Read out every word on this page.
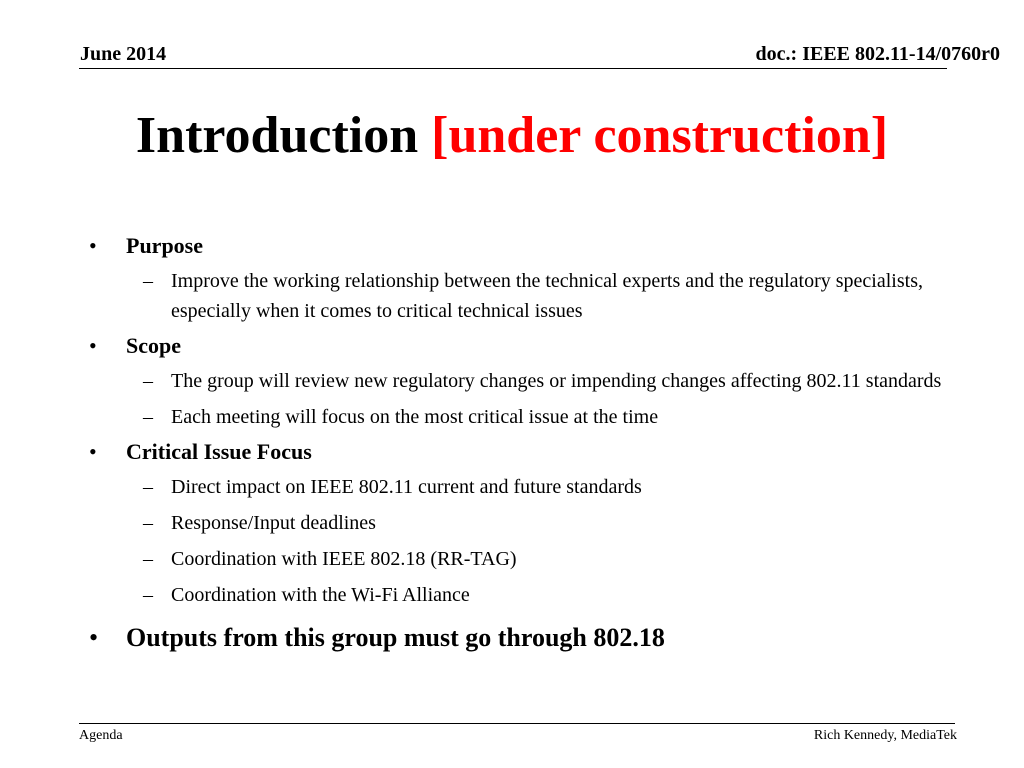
June 2014	doc.: IEEE 802.11-14/0760r0
Introduction [under construction]
• Purpose
– Improve the working relationship between the technical experts and the regulatory specialists, especially when it comes to critical technical issues
• Scope
– The group will review new regulatory changes or impending changes affecting 802.11 standards
– Each meeting will focus on the most critical issue at the time
• Critical Issue Focus
– Direct impact on IEEE 802.11 current and future standards
– Response/Input deadlines
– Coordination with IEEE 802.18 (RR-TAG)
– Coordination with the Wi-Fi Alliance
• Outputs from this group must go through 802.18
Agenda	Rich Kennedy, MediaTek
